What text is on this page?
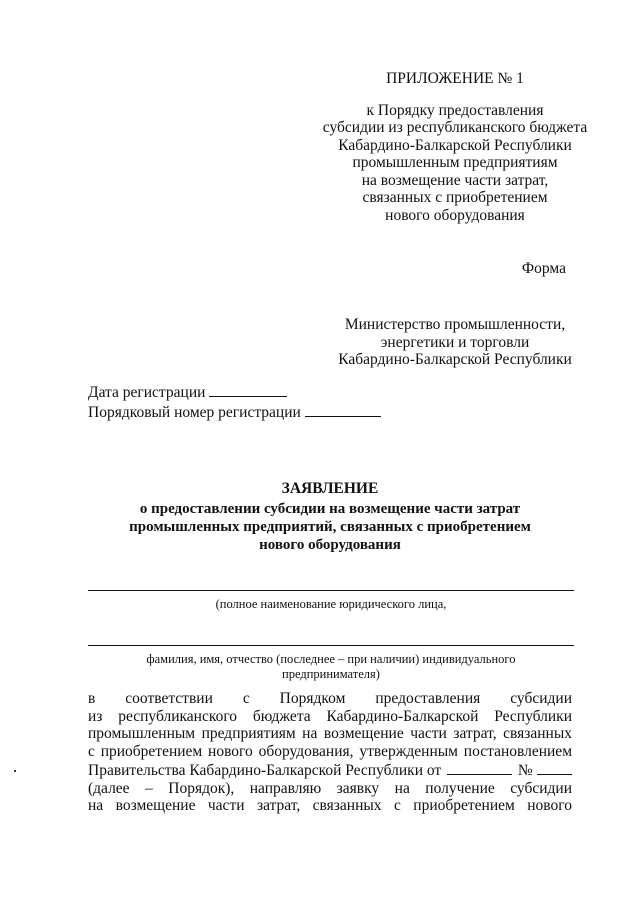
ПРИЛОЖЕНИЕ № 1
к Порядку предоставления
субсидии из республиканского бюджета
Кабардино-Балкарской Республики
промышленным предприятиям
на возмещение части затрат,
связанных с приобретением
нового оборудования
Форма
Министерство промышленности,
энергетики и торговли
Кабардино-Балкарской Республики
Дата регистрации
Порядковый номер регистрации
ЗАЯВЛЕНИЕ
о предоставлении субсидии на возмещение части затрат
промышленных предприятий, связанных с приобретением
нового оборудования
(полное наименование юридического лица,
фамилия, имя, отчество (последнее – при наличии) индивидуального
предпринимателя)
в соответствии с Порядком предоставления субсидии
из республиканского бюджета Кабардино-Балкарской Республики
промышленным предприятиям на возмещение части затрат, связанных
с приобретением нового оборудования, утвержденным постановлением
Правительства Кабардино-Балкарской Республики от	№
(далее – Порядок), направляю заявку на получение субсидии
на возмещение части затрат, связанных с приобретением нового
